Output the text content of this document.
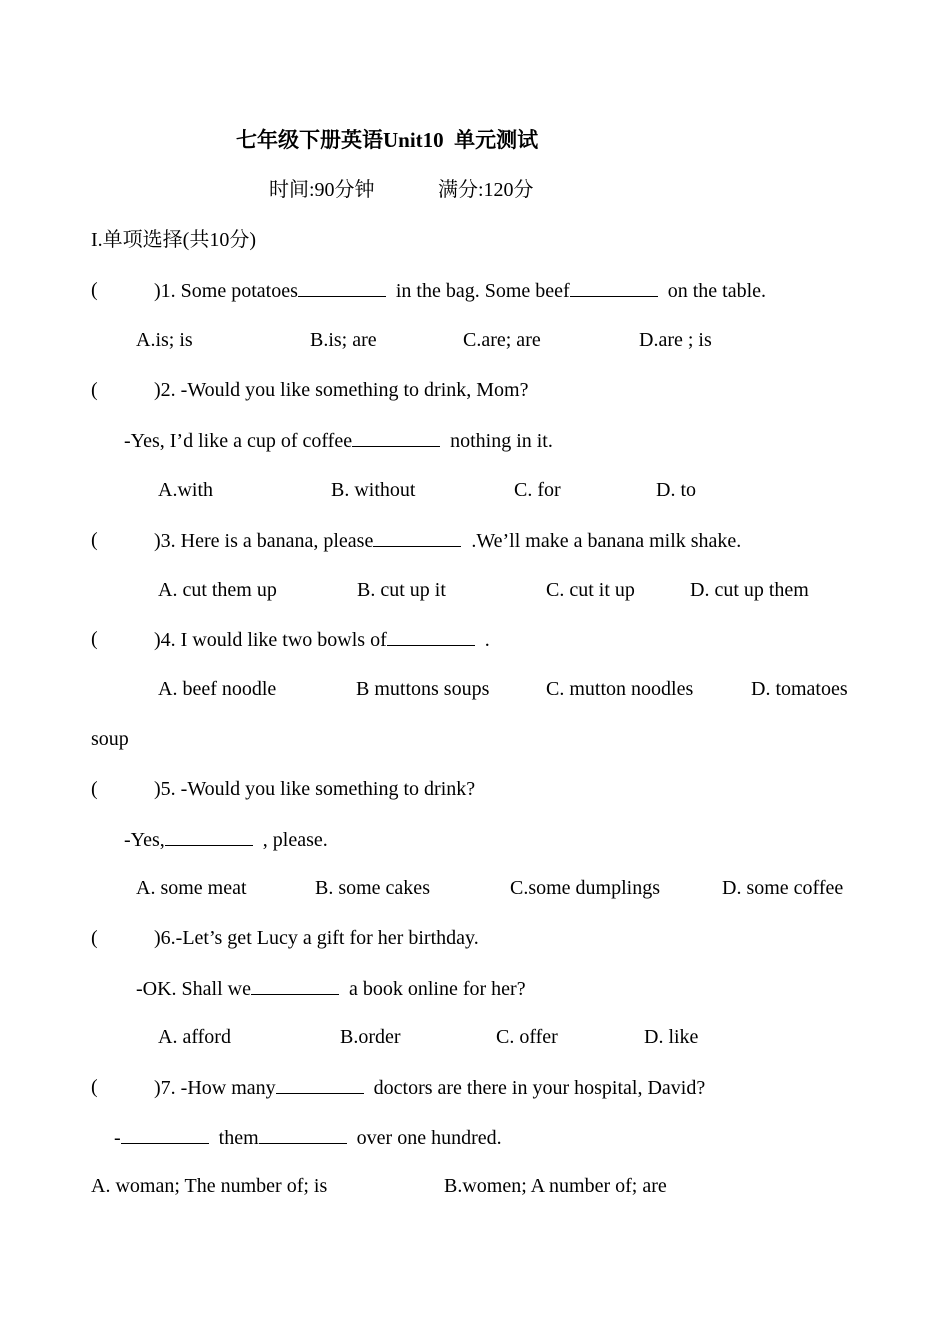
七年级下册英语Unit10  单元测试
时间:90分钟	满分:120分
I.单项选择(共10分)
(	)1. Some potatoes	in the bag. Some beef	on the table.
A.is; is	B.is; are	C.are; are	D.are ; is
(	)2. -Would you like something to drink, Mom?
-Yes, I’d like a cup of coffee	nothing in it.
A.with	B. without	C. for	D. to
(	)3. Here is a banana, please	.We’ll make a banana milk shake.
A. cut them up	B. cut up it	C. cut it up	D. cut up them
(	)4. I would like two bowls of	.
A. beef noodle	B muttons soups	C. mutton noodles	D. tomatoes
soup
(	)5. -Would you like something to drink?
-Yes,	, please.
A. some meat	B. some cakes	C.some dumplings	D. some coffee
(	)6.-Let’s get Lucy a gift for her birthday.
-OK. Shall we	a book online for her?
A. afford	B.order	C. offer	D. like
(	)7. -How many	doctors are there in your hospital, David?
-	them	over one hundred.
A. woman; The number of; is	B.women; A number of; are
